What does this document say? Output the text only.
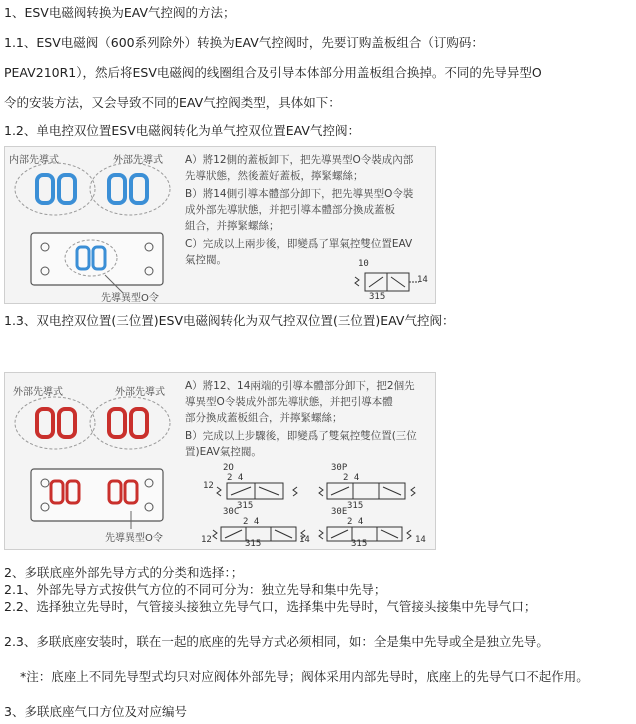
1、ESV电磁阀转换为EAV气控阀的方法；
1.1、ESV电磁阀（600系列除外）转换为EAV气控阀时，先要订购盖板组合（订购码：
PEAV210R1），然后将ESV电磁阀的线圈组合及引导本体部分用盖板组合换掉。不同的先导异型O
令的安装方法，又会导致不同的EAV气控阀类型，具体如下：
1.2、单电控双位置ESV电磁阀转化为单气控双位置EAV气控阀：
内部先導式	外部先導式
先導異型O令
A）將12側的蓋板卸下，把先導異型O令裝成內部
先導狀態，然後蓋好蓋板，擰緊螺絲；
B）將14側引導本體部分卸下，把先導異型O令裝
成外部先導狀態，并把引導本體部分換成蓋板
組合，并擰緊螺絲；
C）完成以上兩步後，即變爲了單氣控雙位置EAV
氣控閥。	10
14
315
1.3、双电控双位置(三位置)ESV电磁阀转化为双气控双位置(三位置)EAV气控阀：
外部先導式	外部先導式
先導異型O令
A）將12、14兩端的引導本體部分卸下，把2個先
導異型O令裝成外部先導狀態，并把引導本體
部分換成蓋板組合，并擰緊螺絲；
B）完成以上步驟後，即變爲了雙氣控雙位置(三位
置)EAV氣控閥。
2O
2 4
12
315
30P
2 4
315
30C
2 4
12	315	14
30E
2 4
315	14
2、多联底座外部先导方式的分类和选择：；
2.1、外部先导方式按供气方位的不同可分为：独立先导和集中先导；
2.2、选择独立先导时，气管接头接独立先导气口，选择集中先导时，气管接头接集中先导气口；
2.3、多联底座安装时，联在一起的底座的先导方式必须相同，如：全是集中先导或全是独立先导。
*注：底座上不同先导型式均只对应阀体外部先导；阀体采用内部先导时，底座上的先导气口不起作用。
3、多联底座气口方位及对应编号
